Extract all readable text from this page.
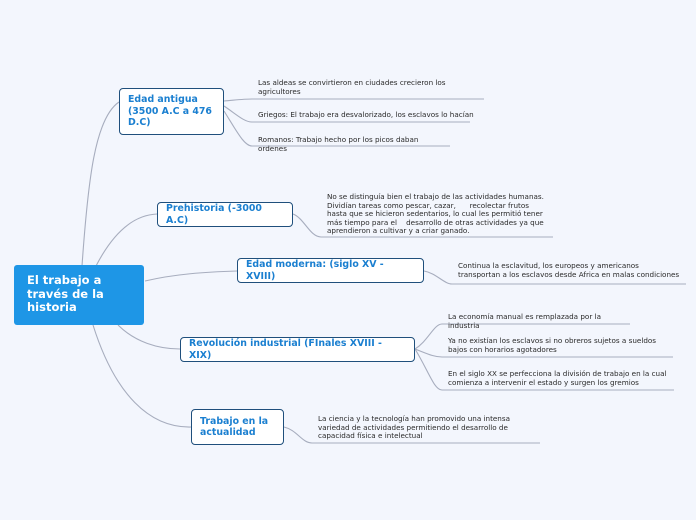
El trabajo a través de la historia
Edad antigua (3500 A.C a 476 D.C)
Prehistoria (-3000 A.C)
Edad moderna: (siglo XV - XVIII)
Revolución industrial (FInales XVIII - XIX)
Trabajo en la actualidad
Las aldeas se convirtieron en ciudades crecieron los agricultores
Griegos: El trabajo era desvalorizado, los esclavos lo hacían
Romanos: Trabajo hecho por los picos daban ordenes
No se distinguía bien el trabajo de las actividades humanas. Dividían tareas como pescar, cazar,      recolectar frutos hasta que se hicieron sedentarios, lo cual les permitió tener más tiempo para el    desarrollo de otras actividades ya que aprendieron a cultivar y a criar ganado.
Continua la esclavitud, los europeos y americanos transportan a los esclavos desde Africa en malas condiciones
La economía manual es remplazada por la industria
Ya no existían los esclavos si no obreros sujetos a sueldos bajos con horarios agotadores
En el siglo XX se perfecciona la división de trabajo en la cual comienza a intervenir el estado y surgen los gremios
La ciencia y la tecnología han promovido una intensa variedad de actividades permitiendo el desarrollo de capacidad física e intelectual
